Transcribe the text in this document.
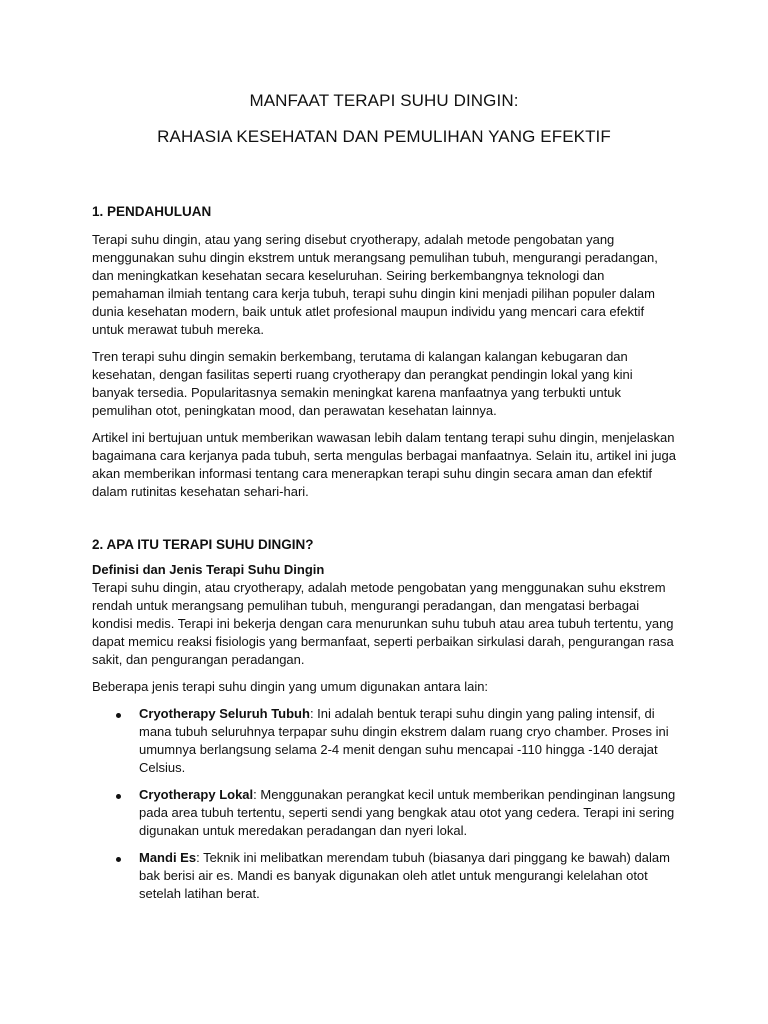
MANFAAT TERAPI SUHU DINGIN:
RAHASIA KESEHATAN DAN PEMULIHAN YANG EFEKTIF
1. PENDAHULUAN

Terapi suhu dingin, atau yang sering disebut cryotherapy, adalah metode pengobatan yang menggunakan suhu dingin ekstrem untuk merangsang pemulihan tubuh, mengurangi peradangan, dan meningkatkan kesehatan secara keseluruhan. Seiring berkembangnya teknologi dan pemahaman ilmiah tentang cara kerja tubuh, terapi suhu dingin kini menjadi pilihan populer dalam dunia kesehatan modern, baik untuk atlet profesional maupun individu yang mencari cara efektif untuk merawat tubuh mereka.

Tren terapi suhu dingin semakin berkembang, terutama di kalangan kalangan kebugaran dan kesehatan, dengan fasilitas seperti ruang cryotherapy dan perangkat pendingin lokal yang kini banyak tersedia. Popularitasnya semakin meningkat karena manfaatnya yang terbukti untuk pemulihan otot, peningkatan mood, dan perawatan kesehatan lainnya.

Artikel ini bertujuan untuk memberikan wawasan lebih dalam tentang terapi suhu dingin, menjelaskan bagaimana cara kerjanya pada tubuh, serta mengulas berbagai manfaatnya. Selain itu, artikel ini juga akan memberikan informasi tentang cara menerapkan terapi suhu dingin secara aman dan efektif dalam rutinitas kesehatan sehari-hari.

2. APA ITU TERAPI SUHU DINGIN?

Definisi dan Jenis Terapi Suhu Dingin

Terapi suhu dingin, atau cryotherapy, adalah metode pengobatan yang menggunakan suhu ekstrem rendah untuk merangsang pemulihan tubuh, mengurangi peradangan, dan mengatasi berbagai kondisi medis. Terapi ini bekerja dengan cara menurunkan suhu tubuh atau area tubuh tertentu, yang dapat memicu reaksi fisiologis yang bermanfaat, seperti perbaikan sirkulasi darah, pengurangan rasa sakit, dan pengurangan peradangan.

Beberapa jenis terapi suhu dingin yang umum digunakan antara lain:

Cryotherapy Seluruh Tubuh: Ini adalah bentuk terapi suhu dingin yang paling intensif, di mana tubuh seluruhnya terpapar suhu dingin ekstrem dalam ruang cryo chamber. Proses ini umumnya berlangsung selama 2-4 menit dengan suhu mencapai -110 hingga -140 derajat Celsius.
Cryotherapy Lokal: Menggunakan perangkat kecil untuk memberikan pendinginan langsung pada area tubuh tertentu, seperti sendi yang bengkak atau otot yang cedera. Terapi ini sering digunakan untuk meredakan peradangan dan nyeri lokal.
Mandi Es: Teknik ini melibatkan merendam tubuh (biasanya dari pinggang ke bawah) dalam bak berisi air es. Mandi es banyak digunakan oleh atlet untuk mengurangi kelelahan otot setelah latihan berat.
